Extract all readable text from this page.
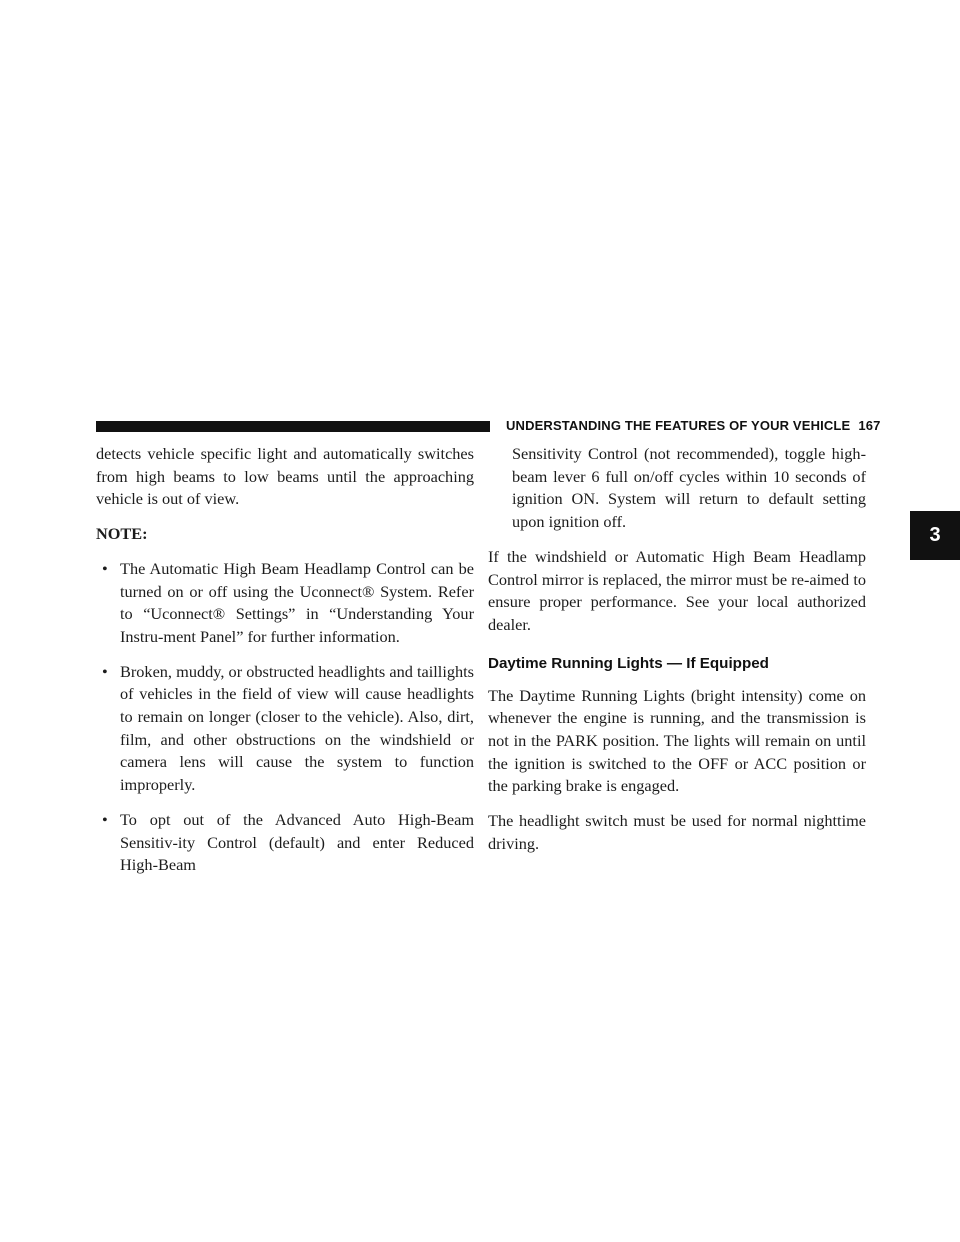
UNDERSTANDING THE FEATURES OF YOUR VEHICLE 167
3

detects vehicle specific light and automatically switches from high beams to low beams until the approaching vehicle is out of view.

NOTE:

• The Automatic High Beam Headlamp Control can be turned on or off using the Uconnect® System. Refer to “Uconnect® Settings” in “Understanding Your Instru-ment Panel” for further information.
• Broken, muddy, or obstructed headlights and taillights of vehicles in the field of view will cause headlights to remain on longer (closer to the vehicle). Also, dirt, film, and other obstructions on the windshield or camera lens will cause the system to function improperly.
• To opt out of the Advanced Auto High-Beam Sensitiv-ity Control (default) and enter Reduced High-Beam

Sensitivity Control (not recommended), toggle high-beam lever 6 full on/off cycles within 10 seconds of ignition ON. System will return to default setting upon ignition off.

If the windshield or Automatic High Beam Headlamp Control mirror is replaced, the mirror must be re-aimed to ensure proper performance. See your local authorized dealer.

Daytime Running Lights — If Equipped

The Daytime Running Lights (bright intensity) come on whenever the engine is running, and the transmission is not in the PARK position. The lights will remain on until the ignition is switched to the OFF or ACC position or the parking brake is engaged.

The headlight switch must be used for normal nighttime driving.
